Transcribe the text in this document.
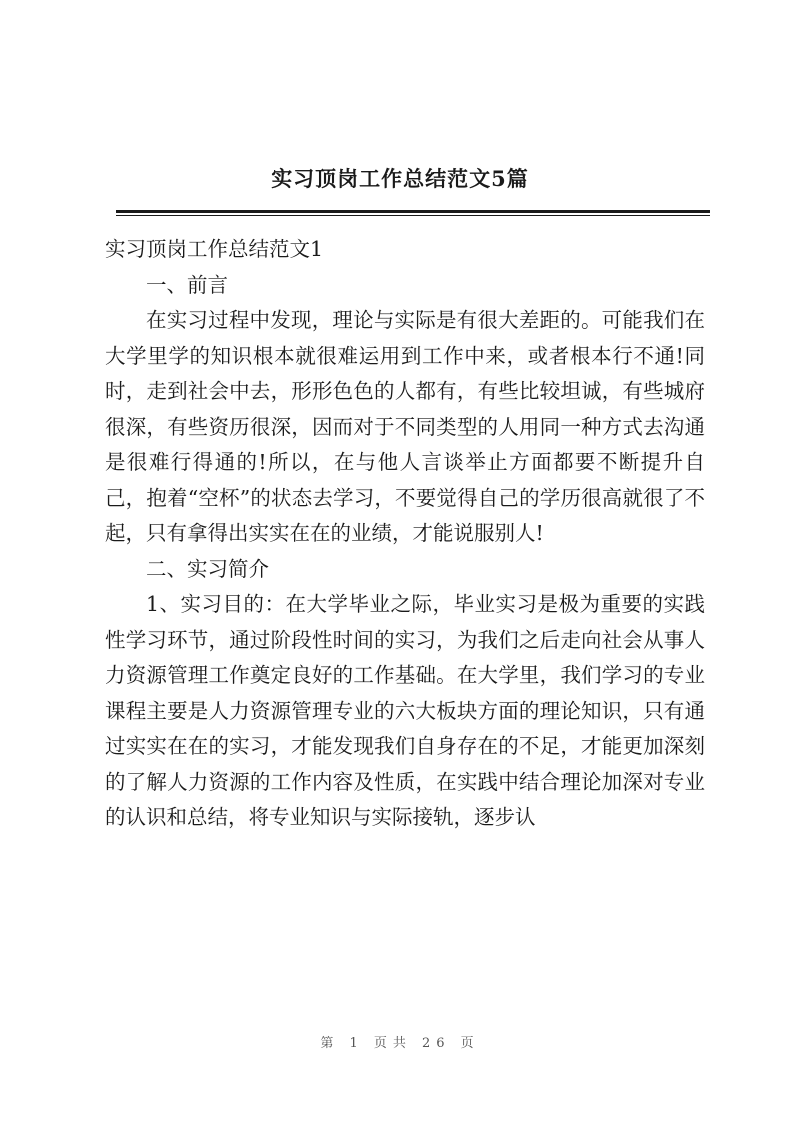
实习顶岗工作总结范文5篇

实习顶岗工作总结范文1

一、前言

在实习过程中发现，理论与实际是有很大差距的。可能我们在大学里学的知识根本就很难运用到工作中来，或者根本行不通!同时，走到社会中去，形形色色的人都有，有些比较坦诚，有些城府很深，有些资历很深，因而对于不同类型的人用同一种方式去沟通是很难行得通的!所以，在与他人言谈举止方面都要不断提升自己，抱着“空杯”的状态去学习，不要觉得自己的学历很高就很了不起，只有拿得出实实在在的业绩，才能说服别人!

二、实习简介

1、实习目的：在大学毕业之际，毕业实习是极为重要的实践性学习环节，通过阶段性时间的实习，为我们之后走向社会从事人力资源管理工作奠定良好的工作基础。在大学里，我们学习的专业课程主要是人力资源管理专业的六大板块方面的理论知识，只有通过实实在在的实习，才能发现我们自身存在的不足，才能更加深刻的了解人力资源的工作内容及性质，在实践中结合理论加深对专业的认识和总结，将专业知识与实际接轨，逐步认

第 1 页共 26 页
